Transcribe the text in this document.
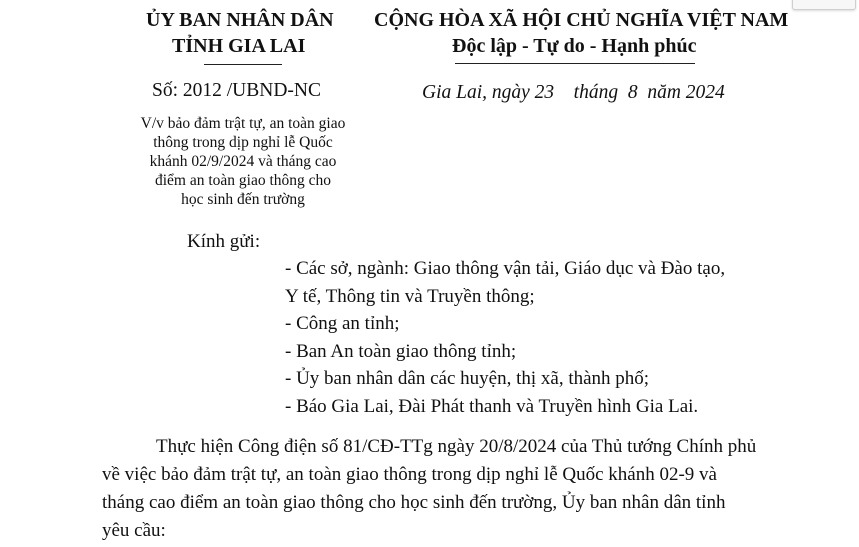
ỦY BAN NHÂN DÂN
TỈNH GIA LAI
CỘNG HÒA XÃ HỘI CHỦ NGHĨA VIỆT NAM
Độc lập - Tự do - Hạnh phúc
Số: 2012 /UBND-NC	Gia Lai, ngày 23    tháng  8  năm 2024
V/v bảo đảm trật tự, an toàn giao
thông trong dịp nghỉ lễ Quốc
khánh 02/9/2024 và tháng cao
điểm an toàn giao thông cho
học sinh đến trường
Kính gửi:
- Các sở, ngành: Giao thông vận tải, Giáo dục và Đào tạo,
Y tế, Thông tin và Truyền thông;
- Công an tỉnh;
- Ban An toàn giao thông tỉnh;
- Ủy ban nhân dân các huyện, thị xã, thành phố;
- Báo Gia Lai, Đài Phát thanh và Truyền hình Gia Lai.
Thực hiện Công điện số 81/CĐ-TTg ngày 20/8/2024 của Thủ tướng Chính phủ
về việc bảo đảm trật tự, an toàn giao thông trong dịp nghỉ lễ Quốc khánh 02-9 và
tháng cao điểm an toàn giao thông cho học sinh đến trường, Ủy ban nhân dân tỉnh
yêu cầu:
